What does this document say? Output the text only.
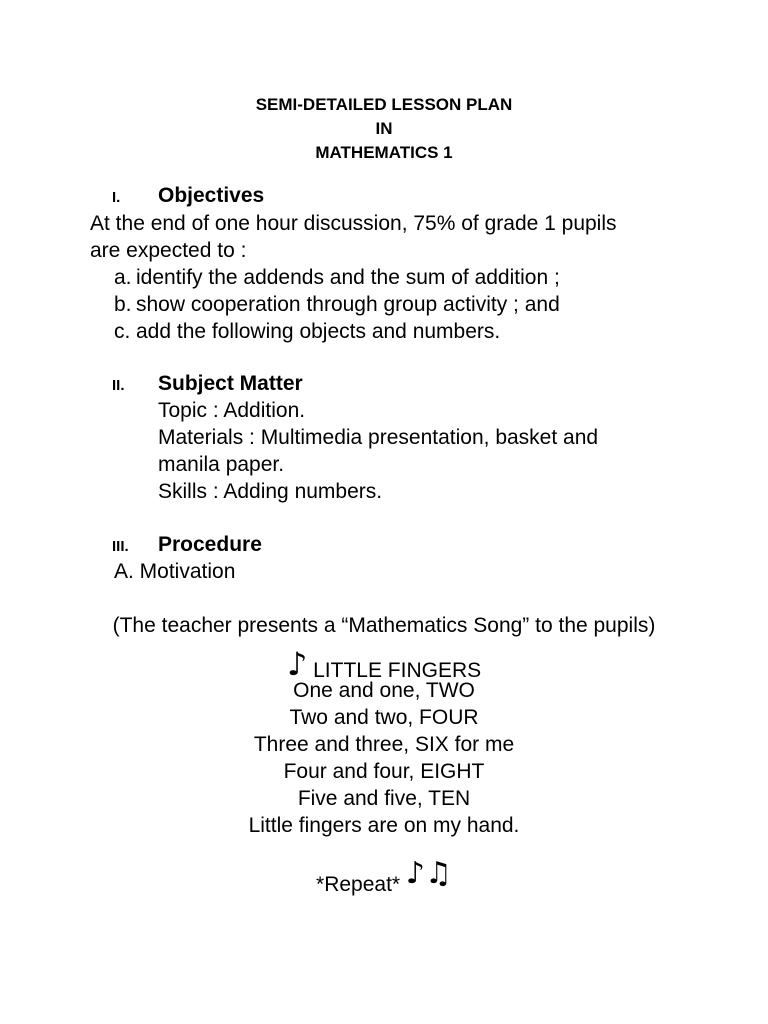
SEMI-DETAILED LESSON PLAN
IN
MATHEMATICS 1
I.	Objectives
At the end of one hour discussion, 75% of grade 1 pupils
are expected to :
a. identify the addends and the sum of addition ;
b. show cooperation through group activity ; and
c. add the following objects and numbers.
II.	Subject Matter
Topic : Addition.
Materials : Multimedia presentation, basket and
manila paper.
Skills : Adding numbers.
III.	Procedure
A. Motivation
(The teacher presents a “Mathematics Song” to the pupils)
♪ LITTLE FINGERS
One and one, TWO
Two and two, FOUR
Three and three, SIX for me
Four and four, EIGHT
Five and five, TEN
Little fingers are on my hand.
*Repeat* ♪♫
